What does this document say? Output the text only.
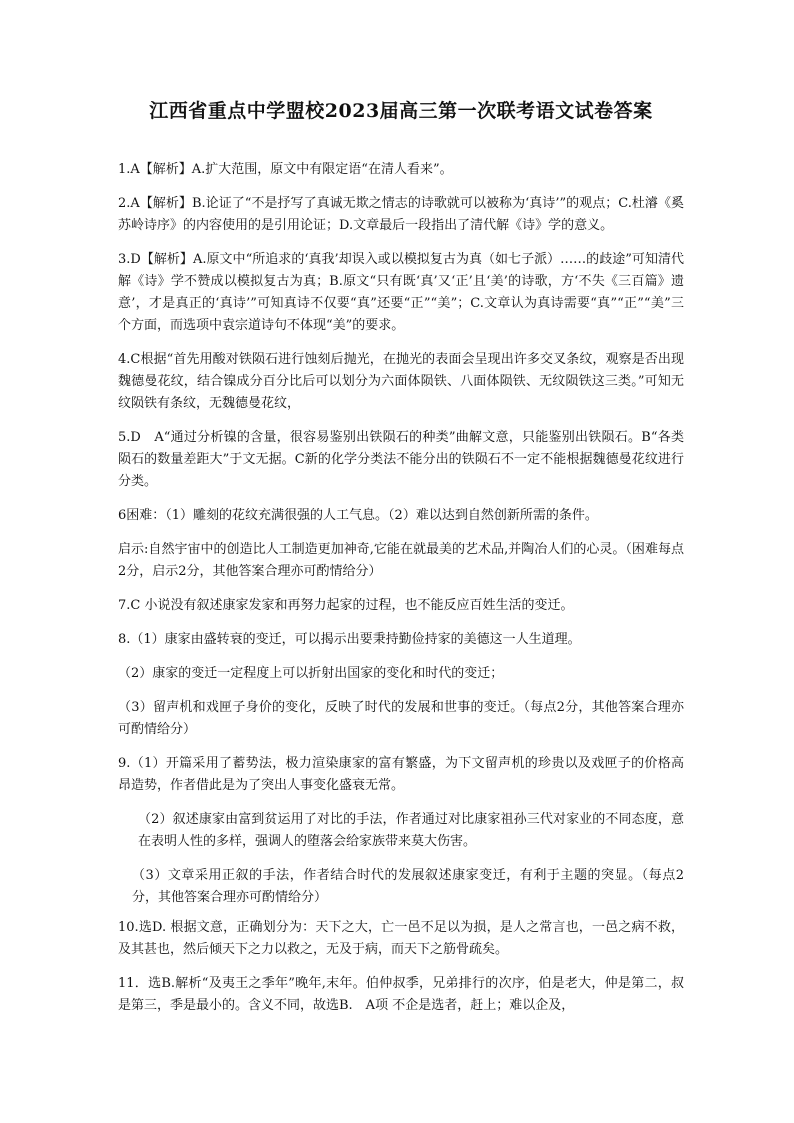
江西省重点中学盟校2023届高三第一次联考语文试卷答案

1.A【解析】A.扩大范围，原文中有限定语“在清人看来”。

2.A【解析】B.论证了“不是抒写了真诚无欺之情志的诗歌就可以被称为‘真诗’”的观点；C.杜濬《奚苏岭诗序》的内容使用的是引用论证；D.文章最后一段指出了清代解《诗》学的意义。

3.D【解析】A.原文中“所追求的‘真我’却误入或以模拟复古为真（如七子派）……的歧途”可知清代解《诗》学不赞成以模拟复古为真；B.原文“只有既‘真’又‘正’且‘美’的诗歌，方‘不失《三百篇》遗意’，才是真正的‘真诗’”可知真诗不仅要“真”还要“正”“美”；C.文章认为真诗需要“真”“正”“美”三个方面，而选项中袁宗道诗句不体现“美”的要求。

4.C根据“首先用酸对铁陨石进行蚀刻后抛光，在抛光的表面会呈现出许多交叉条纹，观察是否出现魏德曼花纹，结合镍成分百分比后可以划分为六面体陨铁、八面体陨铁、无纹陨铁这三类。”可知无纹陨铁有条纹，无魏德曼花纹，

5.D　A“通过分析镍的含量，很容易鉴别出铁陨石的种类”曲解文意，只能鉴别出铁陨石。B“各类陨石的数量差距大”于文无据。C新的化学分类法不能分出的铁陨石不一定不能根据魏德曼花纹进行分类。

6困难：（1）雕刻的花纹充满很强的人工气息。（2）难以达到自然创新所需的条件。

启示:自然宇宙中的创造比人工制造更加神奇,它能在就最美的艺术品,并陶冶人们的心灵。（困难每点2分，启示2分，其他答案合理亦可酌情给分）

7.C 小说没有叙述康家发家和再努力起家的过程，也不能反应百姓生活的变迁。

8.（1）康家由盛转衰的变迁，可以揭示出要秉持勤俭持家的美德这一人生道理。

（2）康家的变迁一定程度上可以折射出国家的变化和时代的变迁；

（3）留声机和戏匣子身价的变化，反映了时代的发展和世事的变迁。（每点2分，其他答案合理亦可酌情给分）

9.（1）开篇采用了蓄势法，极力渲染康家的富有繁盛，为下文留声机的珍贵以及戏匣子的价格高昂造势，作者借此是为了突出人事变化盛衰无常。

（2）叙述康家由富到贫运用了对比的手法，作者通过对比康家祖孙三代对家业的不同态度，意在表明人性的多样，强调人的堕落会给家族带来莫大伤害。

（3）文章采用正叙的手法，作者结合时代的发展叙述康家变迁，有利于主题的突显。（每点2分，其他答案合理亦可酌情给分）

10.选D. 根据文意，正确划分为：天下之大，亡一邑不足以为损，是人之常言也，一邑之病不救，及其甚也，然后倾天下之力以救之，无及于病，而天下之筋骨疏矣。

11．选B.解析“及夷王之季年”晚年,末年。伯仲叔季，兄弟排行的次序，伯是老大，仲是第二，叔是第三，季是最小的。含义不同，故选B.　A项 不企是选者，赶上；难以企及，
